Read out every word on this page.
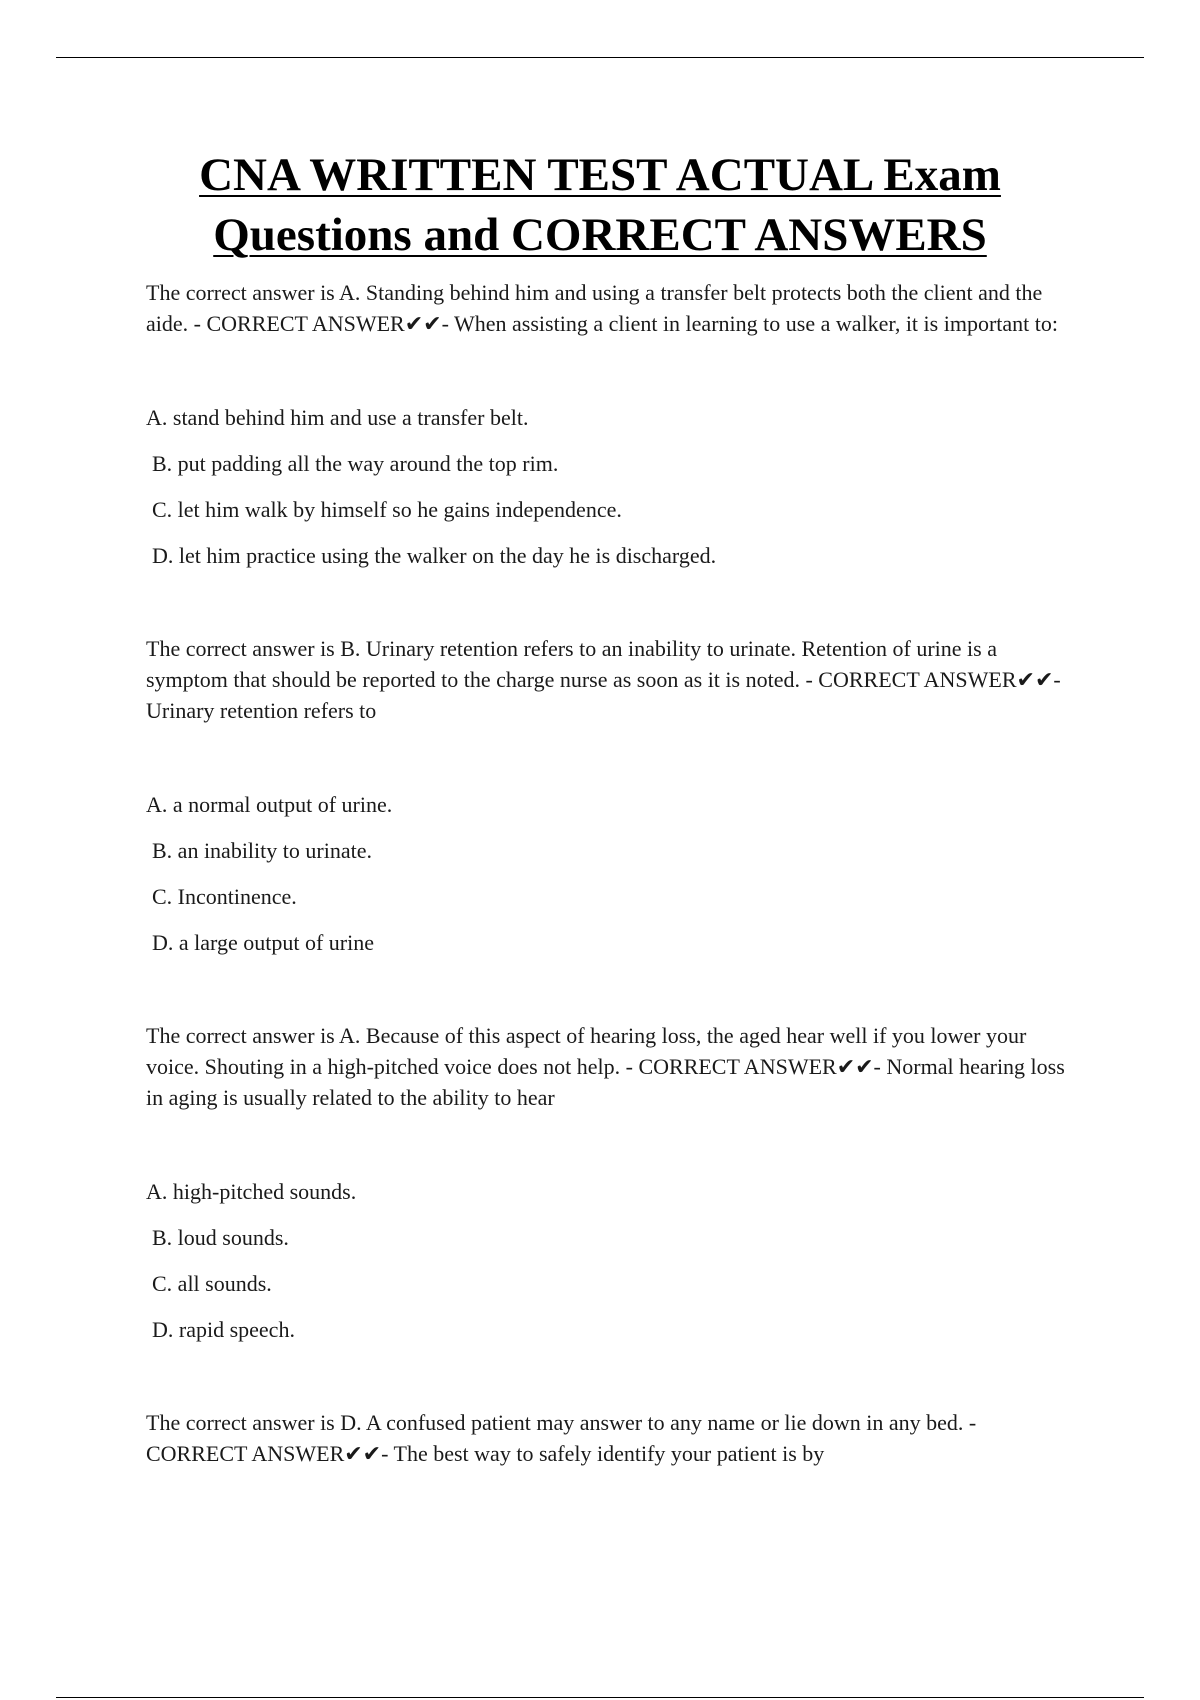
CNA WRITTEN TEST ACTUAL Exam
Questions and CORRECT ANSWERS

The correct answer is A. Standing behind him and using a transfer belt protects both the client and the aide. - CORRECT ANSWER✔✔- When assisting a client in learning to use a walker, it is important to:

A. stand behind him and use a transfer belt.
B. put padding all the way around the top rim.
C. let him walk by himself so he gains independence.
D. let him practice using the walker on the day he is discharged.

The correct answer is B. Urinary retention refers to an inability to urinate. Retention of urine is a symptom that should be reported to the charge nurse as soon as it is noted. - CORRECT ANSWER✔✔- Urinary retention refers to

A. a normal output of urine.
B. an inability to urinate.
C. Incontinence.
D. a large output of urine

The correct answer is A. Because of this aspect of hearing loss, the aged hear well if you lower your voice. Shouting in a high-pitched voice does not help. - CORRECT ANSWER✔✔- Normal hearing loss in aging is usually related to the ability to hear

A. high-pitched sounds.
B. loud sounds.
C. all sounds.
D. rapid speech.

The correct answer is D. A confused patient may answer to any name or lie down in any bed. - CORRECT ANSWER✔✔- The best way to safely identify your patient is by
